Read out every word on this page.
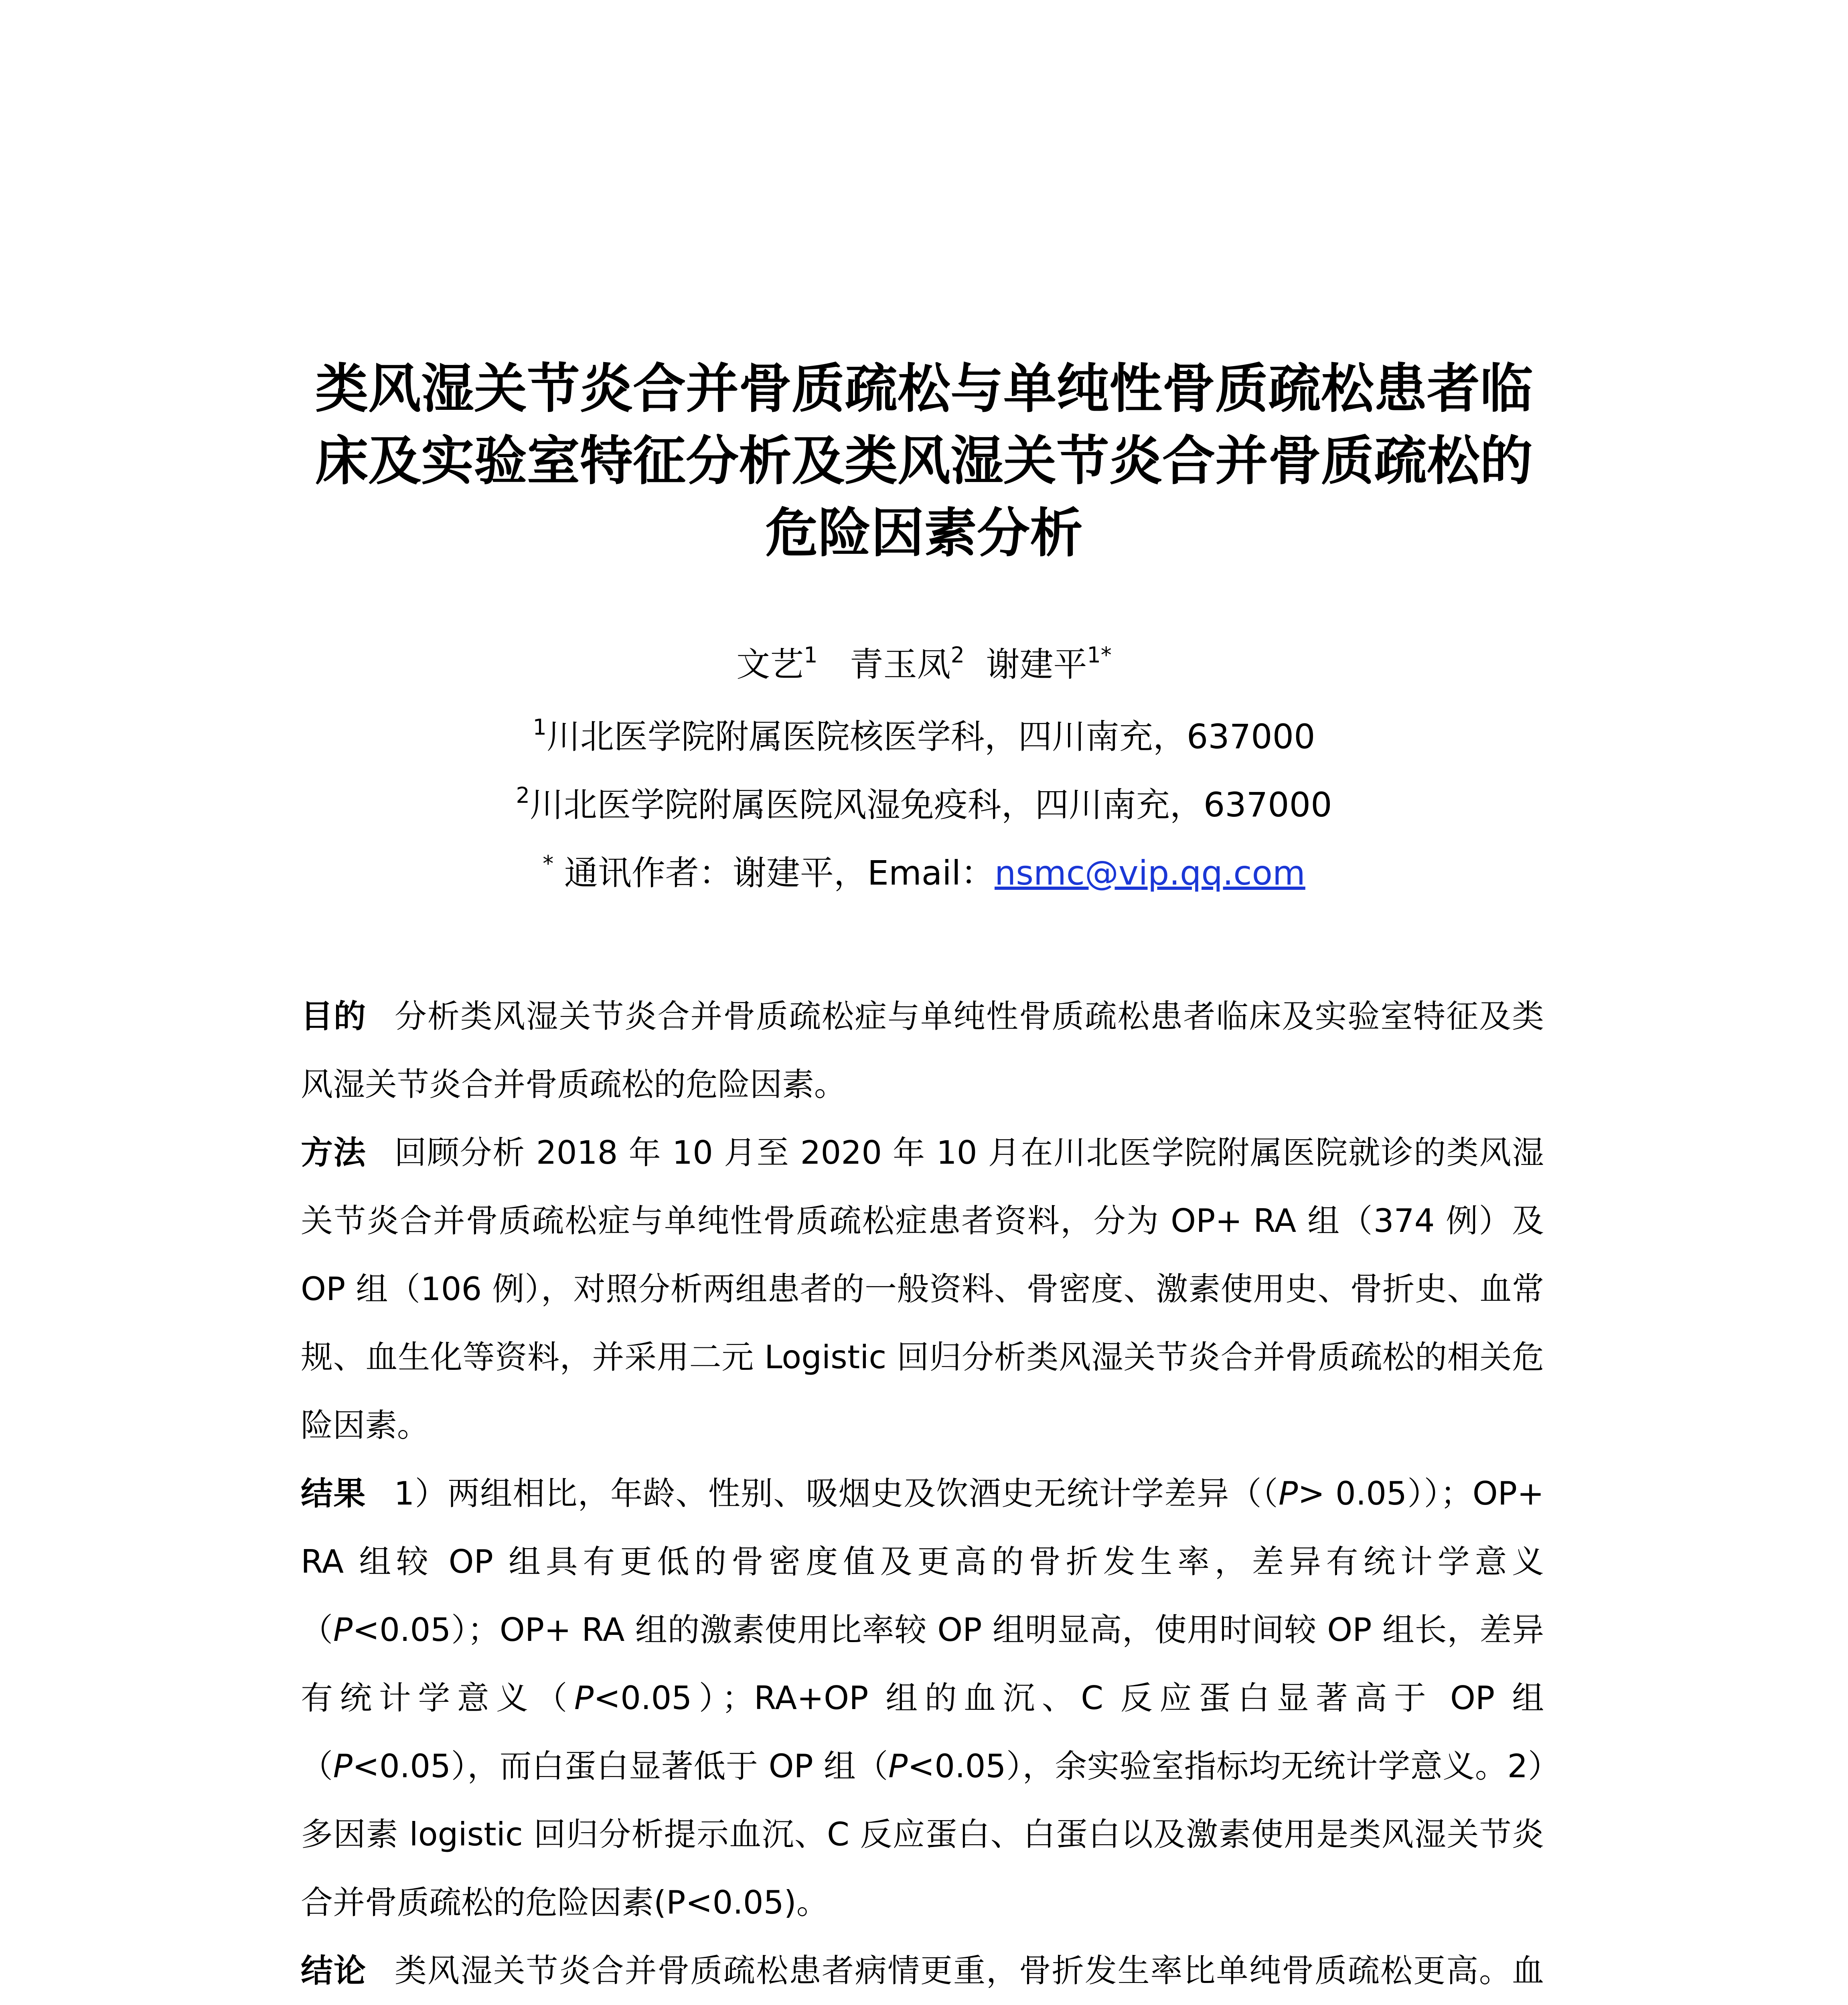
类风湿关节炎合并骨质疏松与单纯性骨质疏松患者临
床及实验室特征分析及类风湿关节炎合并骨质疏松的
危险因素分析
文艺$^1$ 青玉凤$^2$ 谢建平$^{1*}$
$^1$川北医学院附属医院核医学科，四川南充，637000
$^2$川北医学院附属医院风湿免疫科，四川南充，637000
* 通讯作者：谢建平，Email：nsmc@vip.qq.com

目的 分析类风湿关节炎合并骨质疏松症与单纯性骨质疏松患者临床及实验室特征及类风湿关节炎合并骨质疏松的危险因素。

方法 回顾分析 2018 年 10 月至 2020 年 10 月在川北医学院附属医院就诊的类风湿关节炎合并骨质疏松症与单纯性骨质疏松症患者资料，分为 OP+ RA 组（374 例）及 OP 组（106 例），对照分析两组患者的一般资料、骨密度、激素使用史、骨折史、血常规、血生化等资料，并采用二元 Logistic 回归分析类风湿关节炎合并骨质疏松的相关危险因素。

结果 1）两组相比，年龄、性别、吸烟史及饮酒史无统计学差异（（P> 0.05））；OP+ RA 组较 OP 组具有更低的骨密度值及更高的骨折发生率，差异有统计学意义（P<0.05）；OP+ RA 组的激素使用比率较 OP 组明显高，使用时间较 OP 组长，差异有统计学意义（P<0.05）；RA+OP 组的血沉、C 反应蛋白显著高于 OP 组（P<0.05），而白蛋白显著低于 OP 组（P<0.05），余实验室指标均无统计学意义。2）多因素 logistic 回归分析提示血沉、C 反应蛋白、白蛋白以及激素使用是类风湿关节炎合并骨质疏松的危险因素(P<0.05)。

结论 类风湿关节炎合并骨质疏松患者病情更重，骨折发生率比单纯骨质疏松更高。血
